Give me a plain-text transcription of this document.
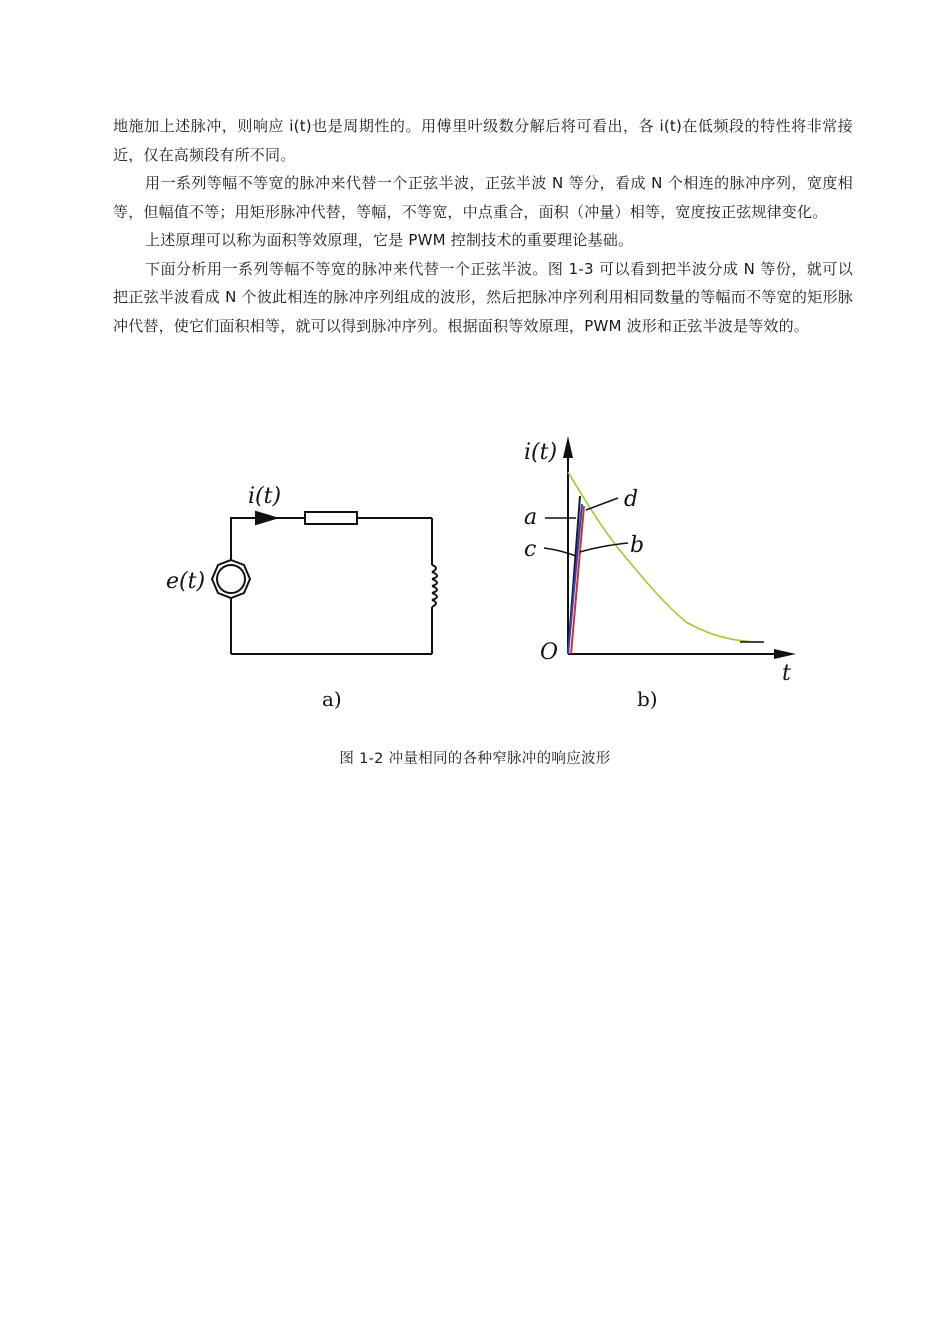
地施加上述脉冲，则响应 i(t)也是周期性的。用傅里叶级数分解后将可看出，各 i(t)在低频段的特性将非常接近，仅在高频段有所不同。

用一系列等幅不等宽的脉冲来代替一个正弦半波，正弦半波 N 等分，看成 N 个相连的脉冲序列，宽度相等，但幅值不等；用矩形脉冲代替，等幅，不等宽，中点重合，面积（冲量）相等，宽度按正弦规律变化。

上述原理可以称为面积等效原理，它是 PWM 控制技术的重要理论基础。

下面分析用一系列等幅不等宽的脉冲来代替一个正弦半波。图 1-3 可以看到把半波分成 N 等份，就可以把正弦半波看成 N 个彼此相连的脉冲序列组成的波形，然后把脉冲序列利用相同数量的等幅而不等宽的矩形脉冲代替，使它们面积相等，就可以得到脉冲序列。根据面积等效原理，PWM 波形和正弦半波是等效的。

i(t)
e(t)
a)
i(t)
t
O
a
c
d
b
b)
图 1-2 冲量相同的各种窄脉冲的响应波形
